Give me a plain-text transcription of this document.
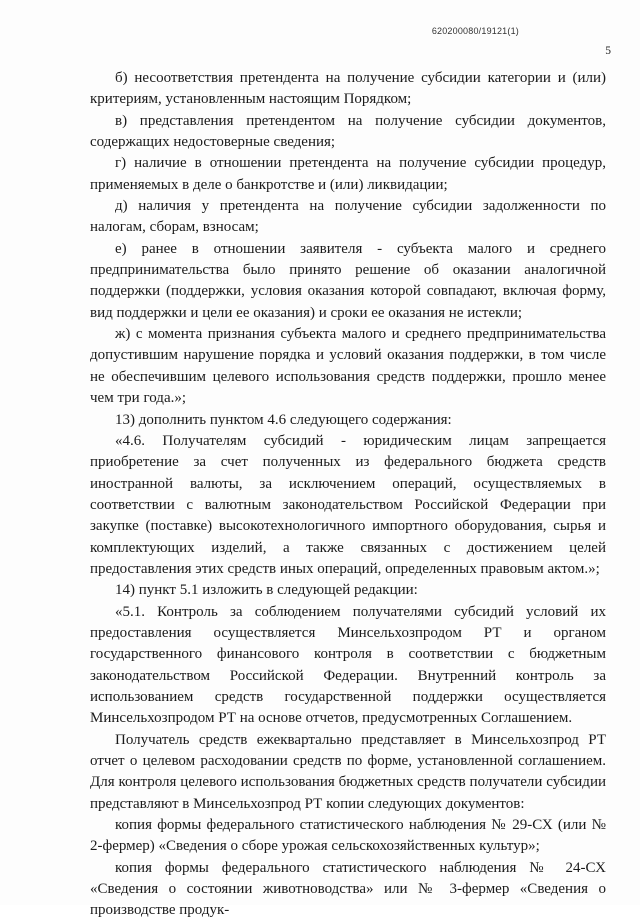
620200080/19121(1)
5

б) несоответствия претендента на получение субсидии категории и (или) критериям, установленным настоящим Порядком;

в) представления претендентом на получение субсидии документов, содержащих недостоверные сведения;

г) наличие в отношении претендента на получение субсидии процедур, применяемых в деле о банкротстве и (или) ликвидации;

д) наличия у претендента на получение субсидии задолженности по налогам, сборам, взносам;

е) ранее в отношении заявителя - субъекта малого и среднего предпринимательства было принято решение об оказании аналогичной поддержки (поддержки, условия оказания которой совпадают, включая форму, вид поддержки и цели ее оказания) и сроки ее оказания не истекли;

ж) с момента признания субъекта малого и среднего предпринимательства допустившим нарушение порядка и условий оказания поддержки, в том числе не обеспечившим целевого использования средств поддержки, прошло менее чем три года.»;

13) дополнить пунктом 4.6 следующего содержания:

«4.6. Получателям субсидий - юридическим лицам запрещается приобретение за счет полученных из федерального бюджета средств иностранной валюты, за исключением операций, осуществляемых в соответствии с валютным законодательством Российской Федерации при закупке (поставке) высокотехнологичного импортного оборудования, сырья и комплектующих изделий, а также связанных с достижением целей предоставления этих средств иных операций, определенных правовым актом.»;

14) пункт 5.1 изложить в следующей редакции:

«5.1. Контроль за соблюдением получателями субсидий условий их предоставления осуществляется Минсельхозпродом РТ и органом государственного финансового контроля в соответствии с бюджетным законодательством Российской Федерации. Внутренний контроль за использованием средств государственной поддержки осуществляется Минсельхозпродом РТ на основе отчетов, предусмотренных Соглашением.

Получатель средств ежеквартально представляет в Минсельхозпрод РТ отчет о целевом расходовании средств по форме, установленной соглашением. Для контроля целевого использования бюджетных средств получатели субсидии представляют в Минсельхозпрод РТ копии следующих документов:

копия формы федерального статистического наблюдения № 29-СХ (или № 2-фермер) «Сведения о сборе урожая сельскохозяйственных культур»;

копия формы федерального статистического наблюдения № 24-СХ «Сведения о состоянии животноводства» или № 3-фермер «Сведения о производстве продук-
